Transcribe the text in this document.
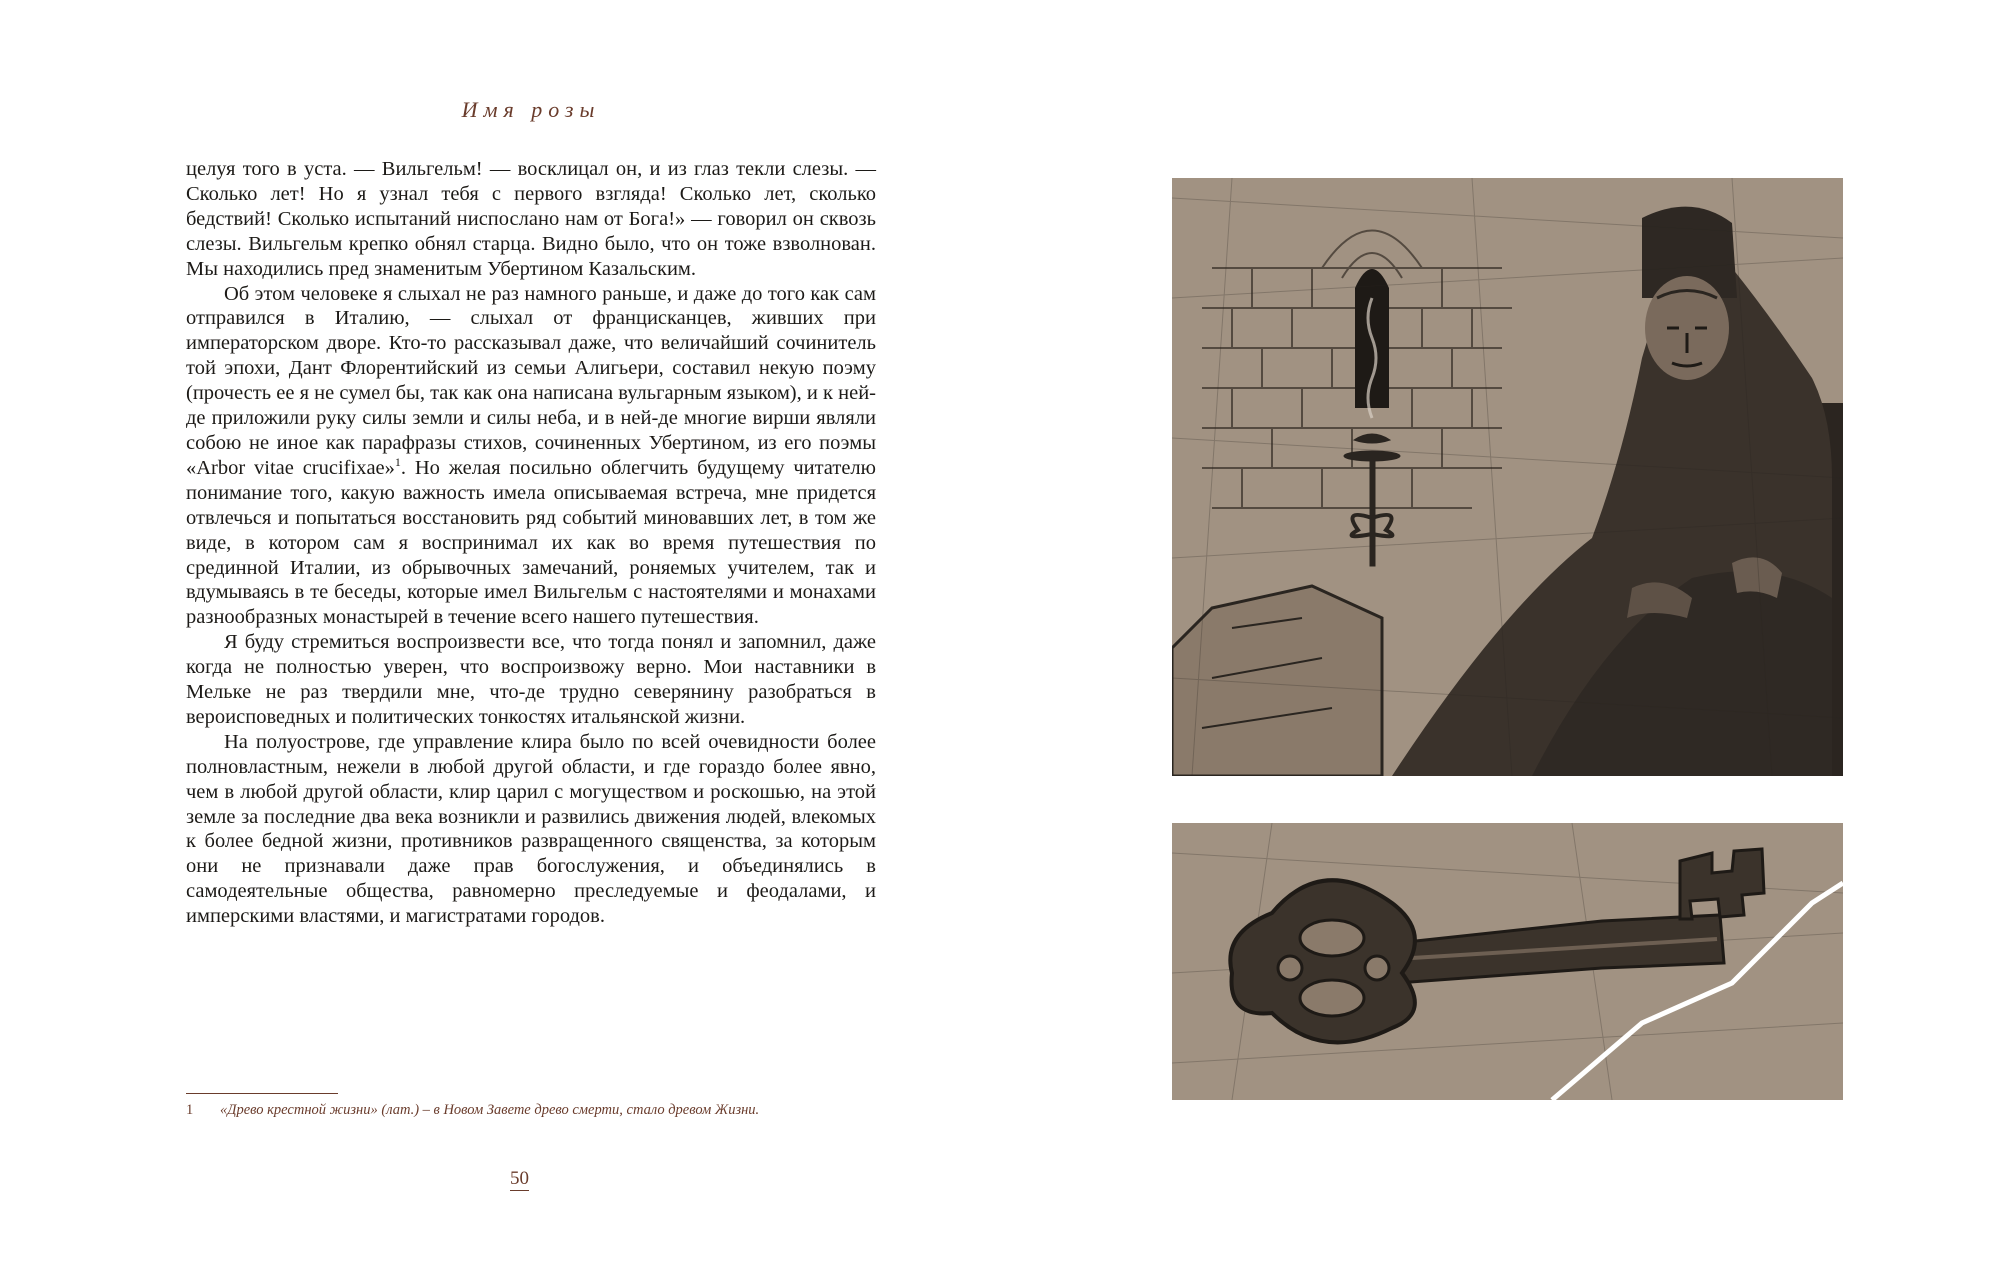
Имя розы

целуя того в уста. — Вильгельм! — восклицал он, и из глаз текли слезы. — Сколько лет! Но я узнал тебя с первого взгляда! Сколько лет, сколько бедствий! Сколько испытаний ниспослано нам от Бога!» — говорил он сквозь слезы. Вильгельм крепко обнял старца. Видно было, что он тоже взволнован. Мы находились пред знаменитым Убертином Казальским.

Об этом человеке я слыхал не раз намного раньше, и даже до того как сам отправился в Италию, — слыхал от францисканцев, живших при императорском дворе. Кто-то рассказывал даже, что величайший сочинитель той эпохи, Дант Флорентийский из семьи Алигьери, составил некую поэму (прочесть ее я не сумел бы, так как она написана вульгарным языком), и к ней-де приложили руку силы земли и силы неба, и в ней-де многие вирши являли собою не иное как парафразы стихов, сочиненных Убертином, из его поэмы «Arbor vitae crucifixae»$^1$. Но желая посильно облегчить будущему читателю понимание того, какую важность имела описываемая встреча, мне придется отвлечься и попытаться восстановить ряд событий миновавших лет, в том же виде, в котором сам я воспринимал их как во время путешествия по срединной Италии, из обрывочных замечаний, роняемых учителем, так и вдумываясь в те беседы, которые имел Вильгельм с настоятелями и монахами разнообразных монастырей в течение всего нашего путешествия.

Я буду стремиться воспроизвести все, что тогда понял и запомнил, даже когда не полностью уверен, что воспроизвожу верно. Мои наставники в Мельке не раз твердили мне, что-де трудно северянину разобраться в вероисповедных и политических тонкостях итальянской жизни.

На полуострове, где управление клира было по всей очевидности более полновластным, нежели в любой другой области, и где гораздо более явно, чем в любой другой области, клир царил с могуществом и роскошью, на этой земле за последние два века возникли и развились движения людей, влекомых к более бедной жизни, противников развращенного священства, за которым они не признавали даже прав богослужения, и объединялись в самодеятельные общества, равномерно преследуемые и феодалами, и имперскими властями, и магистратами городов.

1 «Древо крестной жизни» (лат.) – в Новом Завете древо смерти, стало древом Жизни.
50
